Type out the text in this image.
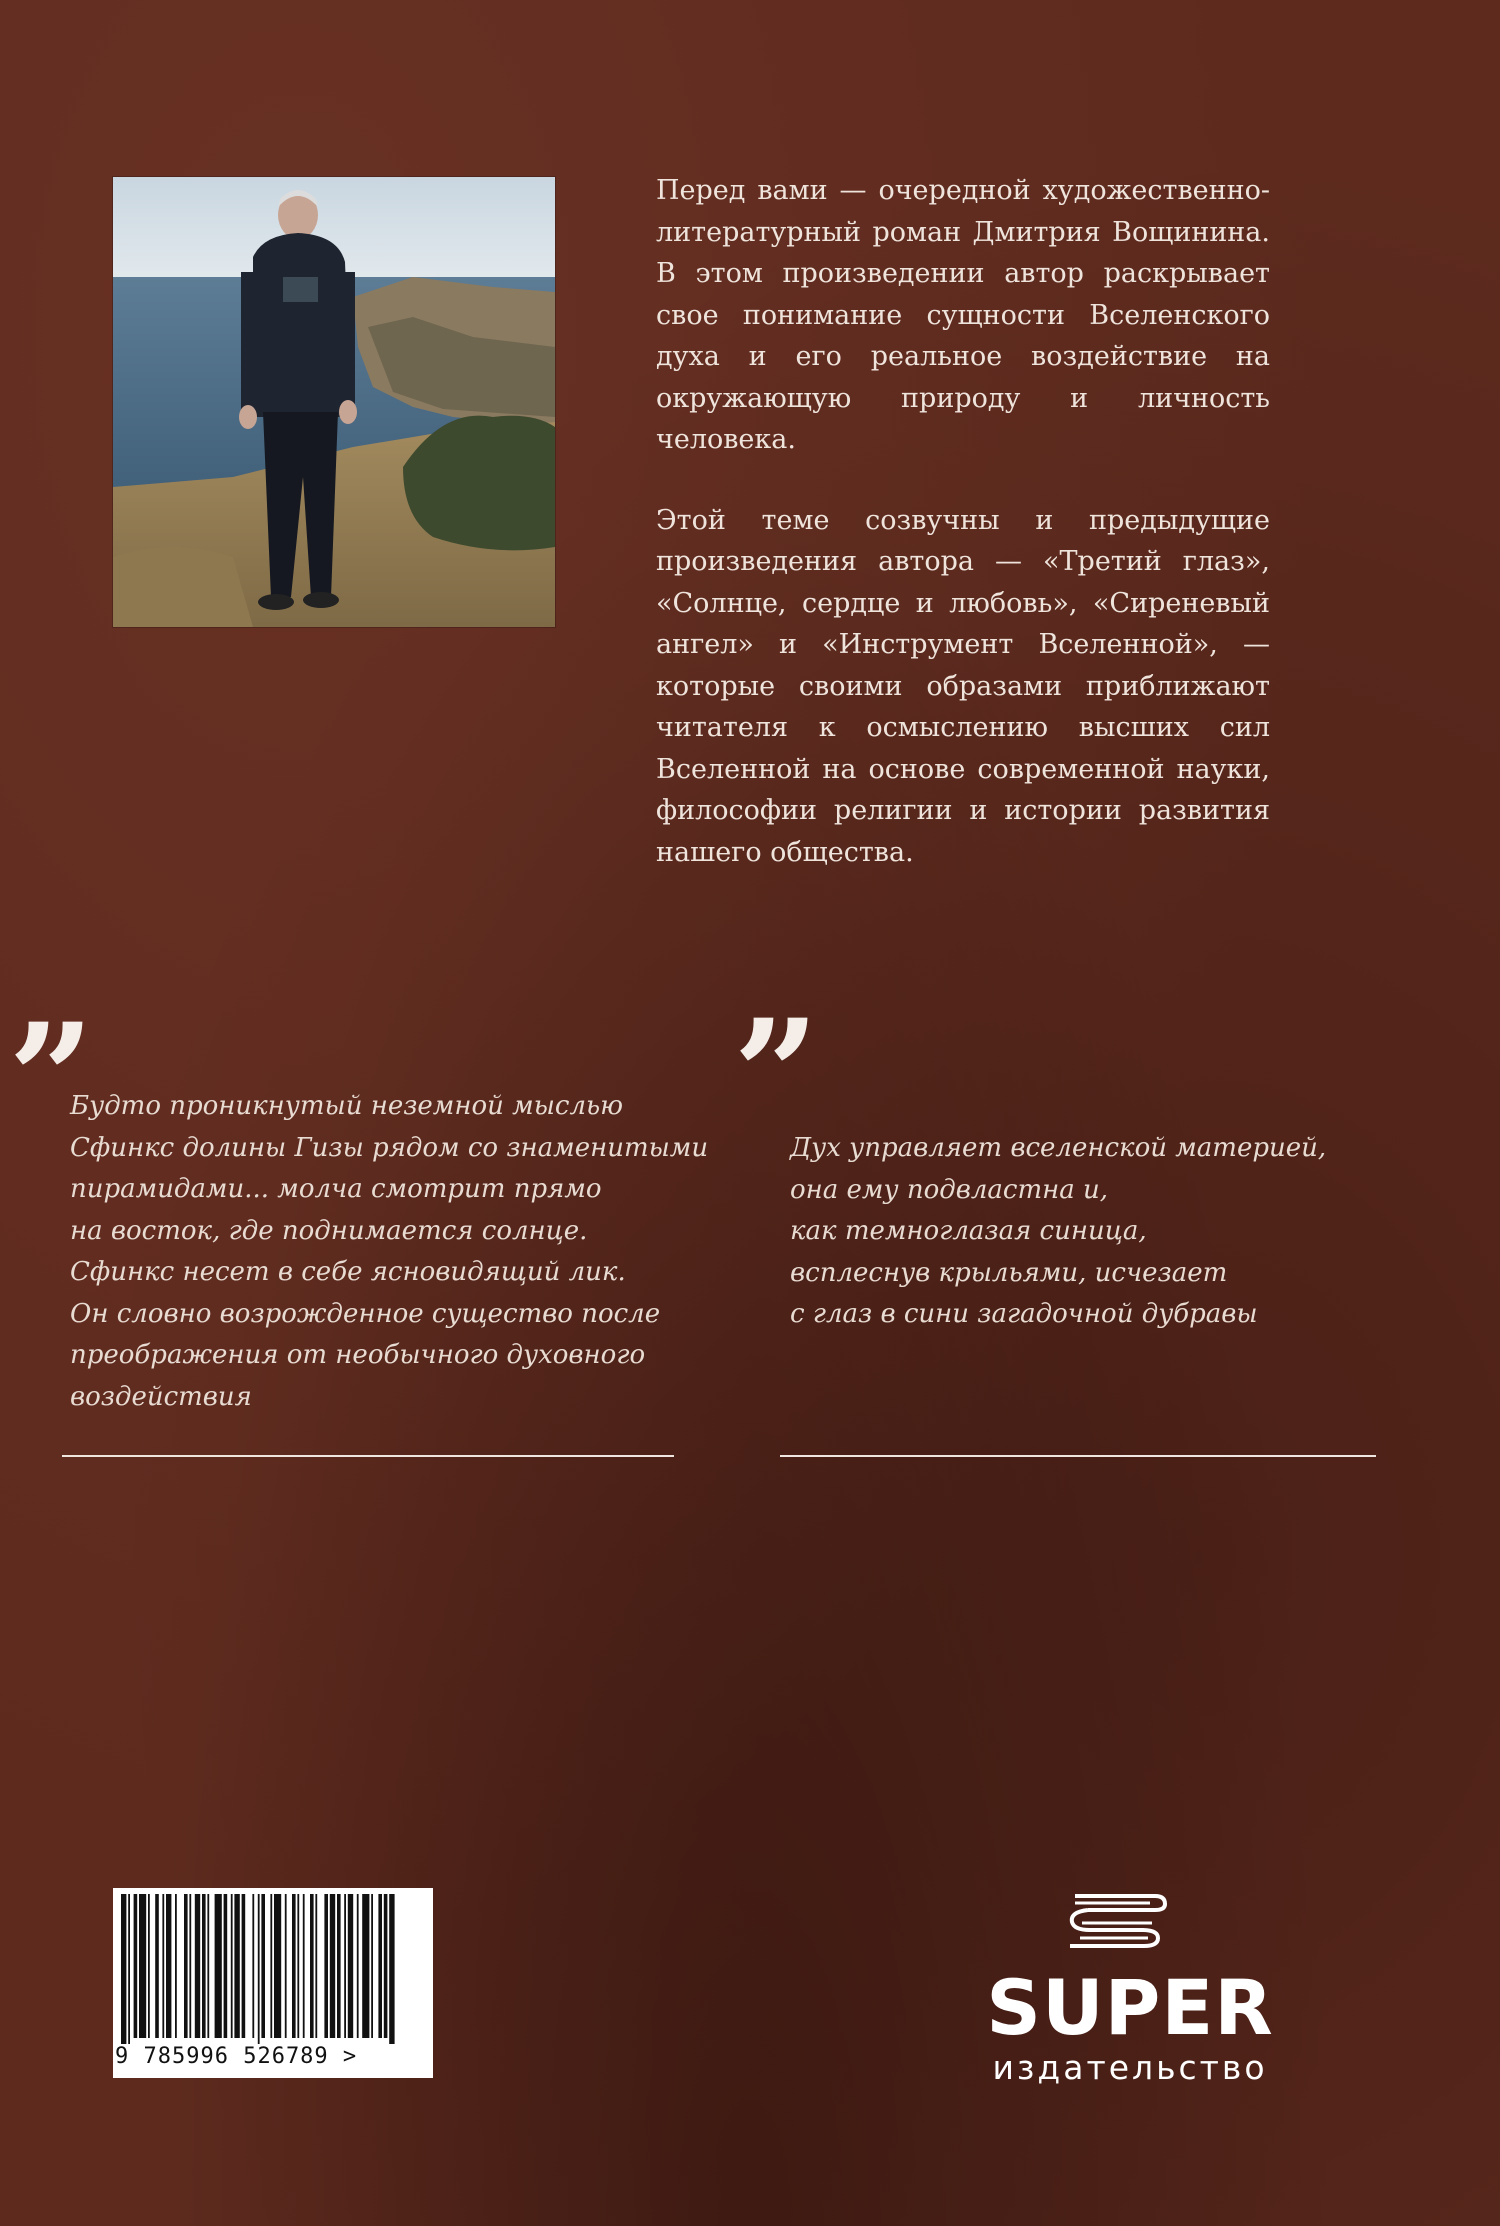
Перед вами — очередной художественно-литературный роман Дмитрия Вощинина. В этом произведении автор раскрывает свое понимание сущности Вселенского духа и его реальное воздействие на окружающую природу и личность человека.

Этой теме созвучны и предыдущие произведения автора — «Третий глаз», «Солнце, сердце и любовь», «Сиреневый ангел» и «Инструмент Вселенной», — которые своими образами приближают читателя к осмыслению высших сил Вселенной на основе современной науки, философии религии и истории развития нашего общества.

”	”
Будто проникнутый неземной мыслью
Сфинкс долины Гизы рядом со знаменитыми
пирамидами... молча смотрит прямо
на восток, где поднимается солнце.
Сфинкс несет в себе ясновидящий лик.
Он словно возрожденное существо после
преображения от необычного духовного
воздействия
Дух управляет вселенской материей,
она ему подвластна и,
как темноглазая синица,
всплеснув крыльями, исчезает
с глаз в сини загадочной дубравы
9 785996 526789 >
SUPER
издательство
